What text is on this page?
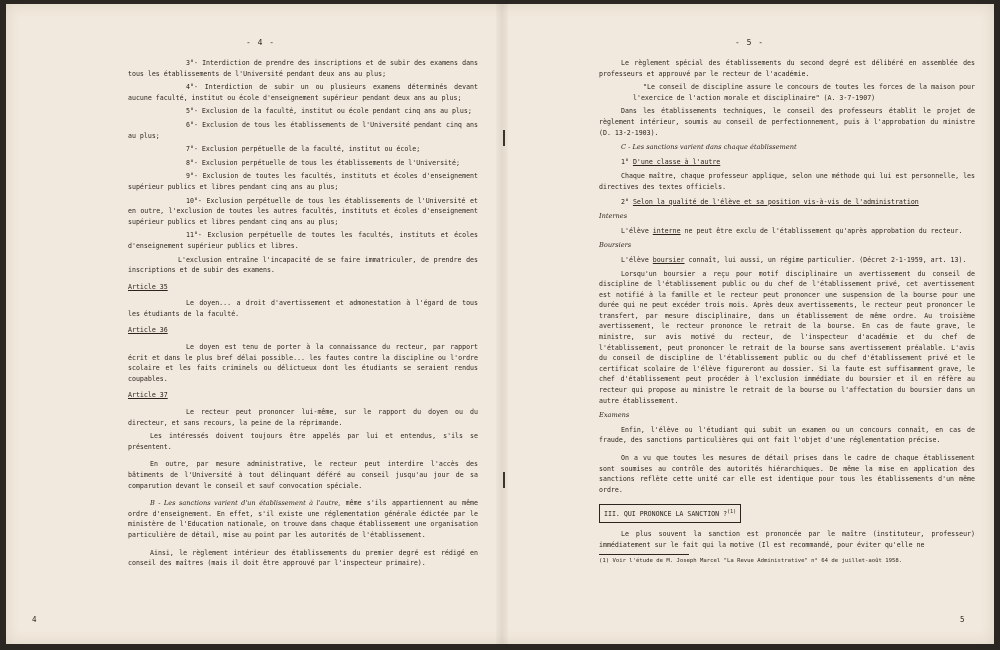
- 4 -

3°- Interdiction de prendre des inscriptions et de subir des examens dans tous les établissements de l'Université pendant deux ans au plus;

4°- Interdiction de subir un ou plusieurs examens déterminés devant aucune faculté, institut ou école d'enseignement supérieur pendant deux ans au plus;

5°- Exclusion de la faculté, institut ou école pendant cinq ans au plus;

6°- Exclusion de tous les établissements de l'Université pendant cinq ans au plus;

7°- Exclusion perpétuelle de la faculté, institut ou école;

8°- Exclusion perpétuelle de tous les établissements de l'Université;

9°- Exclusion de toutes les facultés, instituts et écoles d'enseignement supérieur publics et libres pendant cinq ans au plus;

10°- Exclusion perpétuelle de tous les établissements de l'Université et en outre, l'exclusion de toutes les autres facultés, instituts et écoles d'enseignement supérieur publics et libres pendant cinq ans au plus;

11°- Exclusion perpétuelle de toutes les facultés, instituts et écoles d'enseignement supérieur publics et libres.

L'exclusion entraîne l'incapacité de se faire immatriculer, de prendre des inscriptions et de subir des examens.

Article 35

Le doyen... a droit d'avertissement et admonestation à l'égard de tous les étudiants de la faculté.

Article 36

Le doyen est tenu de porter à la connaissance du recteur, par rapport écrit et dans le plus bref délai possible... les fautes contre la discipline ou l'ordre scolaire et les faits criminels ou délictueux dont les étudiants se seraient rendus coupables.

Article 37

Le recteur peut prononcer lui-même, sur le rapport du doyen ou du directeur, et sans recours, la peine de la réprimande.

Les intéressés doivent toujours être appelés par lui et entendus, s'ils se présentent.

En outre, par mesure administrative, le recteur peut interdire l'accès des bâtiments de l'Université à tout délinquant déféré au conseil jusqu'au jour de sa comparution devant le conseil et sauf convocation spéciale.

B - Les sanctions varient d'un établissement à l'autre, même s'ils appartiennent au même ordre d'enseignement. En effet, s'il existe une réglementation générale édictée par le ministère de l'Education nationale, on trouve dans chaque établissement une organisation particulière de détail, mise au point par les autorités de l'établissement.

Ainsi, le règlement intérieur des établissements du premier degré est rédigé en conseil des maîtres (mais il doit être approuvé par l'inspecteur primaire).

4
- 5 -

Le règlement spécial des établissements du second degré est délibéré en assemblée des professeurs et approuvé par le recteur de l'académie.

"Le conseil de discipline assure le concours de toutes les forces de la maison pour l'exercice de l'action morale et disciplinaire" (A. 3-7-1907)

Dans les établissements techniques, le conseil des professeurs établit le projet de règlement intérieur, soumis au conseil de perfectionnement, puis à l'approbation du ministre (D. 13-2-1903).

C - Les sanctions varient dans chaque établissement
1° D'une classe à l'autre

Chaque maître, chaque professeur applique, selon une méthode qui lui est personnelle, les directives des textes officiels.

2° Selon la qualité de l'élève et sa position vis-à-vis de l'administration
Internes

L'élève interne ne peut être exclu de l'établissement qu'après approbation du recteur.

Boursiers

L'élève boursier connaît, lui aussi, un régime particulier. (Décret 2-1-1959, art. 13).

Lorsqu'un boursier a reçu pour motif disciplinaire un avertissement du conseil de discipline de l'établissement public ou du chef de l'établissement privé, cet avertissement est notifié à la famille et le recteur peut prononcer une suspension de la bourse pour une durée qui ne peut excéder trois mois. Après deux avertissements, le recteur peut prononcer le transfert, par mesure disciplinaire, dans un établissement de même ordre. Au troisième avertissement, le recteur prononce le retrait de la bourse. En cas de faute grave, le ministre, sur avis motivé du recteur, de l'inspecteur d'académie et du chef de l'établissement, peut prononcer le retrait de la bourse sans avertissement préalable. L'avis du conseil de discipline de l'établissement public ou du chef d'établissement privé et le certificat scolaire de l'élève figureront au dossier. Si la faute est suffisamment grave, le chef d'établissement peut procéder à l'exclusion immédiate du boursier et il en réfère au recteur qui propose au ministre le retrait de la bourse ou l'affectation du boursier dans un autre établissement.

Examens

Enfin, l'élève ou l'étudiant qui subit un examen ou un concours connaît, en cas de fraude, des sanctions particulières qui ont fait l'objet d'une réglementation précise.

On a vu que toutes les mesures de détail prises dans le cadre de chaque établissement sont soumises au contrôle des autorités hiérarchiques. De même la mise en application des sanctions reflète cette unité car elle est identique pour tous les établissements d'un même ordre.

III. QUI PRONONCE LA SANCTION ?$^{(1)}$

Le plus souvent la sanction est prononcée par le maître (instituteur, professeur) immédiatement sur le fait qui la motive (Il est recommandé, pour éviter qu'elle ne

(1) Voir l'étude de M. Joseph Marcel "La Revue Administrative" n° 64 de juillet-août 1958.
5
